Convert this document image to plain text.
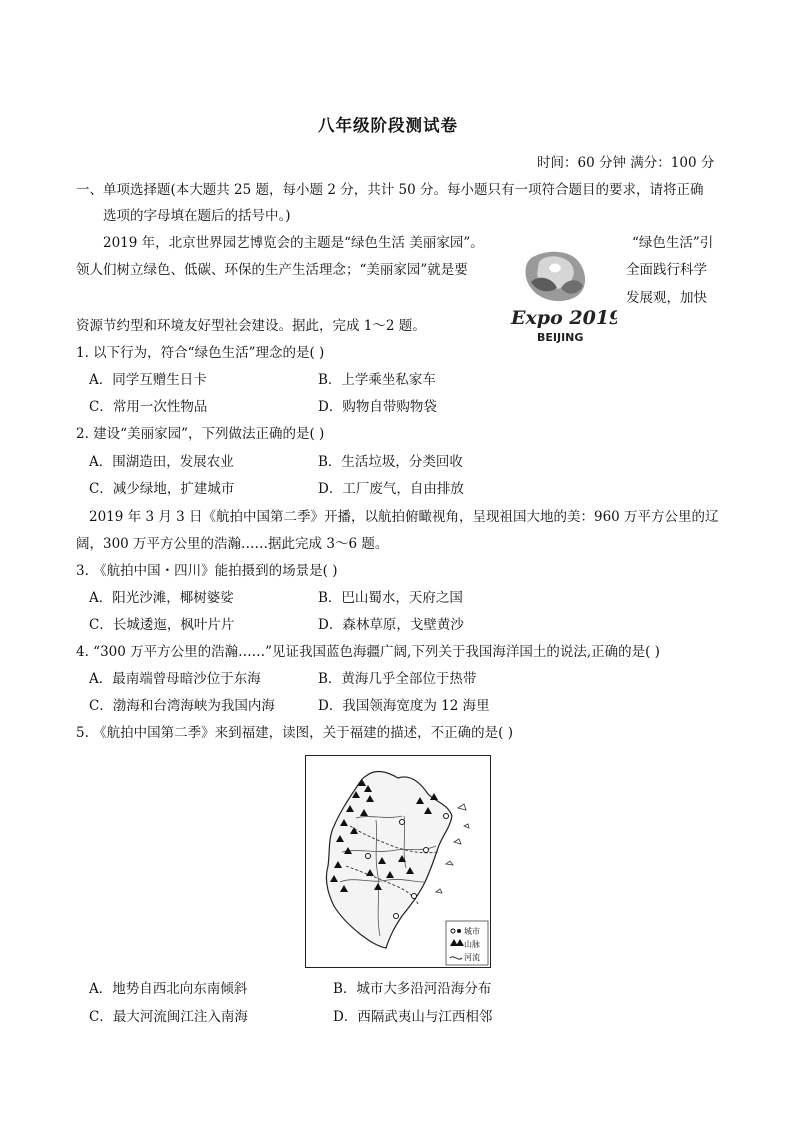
八年级阶段测试卷
时间：60 分钟 满分：100 分
一、单项选择题(本大题共 25 题，每小题 2 分，共计 50 分。每小题只有一项符合题目的要求，请将正确
选项的字母填在题后的括号中。)
2019 年，北京世界园艺博览会的主题是“绿色生活 美丽家园”。	“绿色生活”引
领人们树立绿色、低碳、环保的生产生活理念；“美丽家园”就是要	全面践行科学
发展观，加快
资源节约型和环境友好型社会建设。据此，完成 1～2 题。	Expo 2019
BEIJING
1. 以下行为，符合“绿色生活”理念的是( )
A．同学互赠生日卡	B．上学乘坐私家车
C．常用一次性物品	D．购物自带购物袋
2. 建设“美丽家园”，下列做法正确的是( )
A．围湖造田，发展农业	B．生活垃圾，分类回收
C．减少绿地，扩建城市	D．工厂废气，自由排放
2019 年 3 月 3 日《航拍中国第二季》开播，以航拍俯瞰视角，呈现祖国大地的美：960 万平方公里的辽
阔，300 万平方公里的浩瀚……据此完成 3～6 题。
3. 《航拍中国・四川》能拍摄到的场景是( )
A．阳光沙滩，椰树婆娑	B．巴山蜀水，天府之国
C．长城逶迤，枫叶片片	D．森林草原，戈壁黄沙
4. “300 万平方公里的浩瀚……”见证我国蓝色海疆广阔,下列关于我国海洋国土的说法,正确的是( )
A．最南端曾母暗沙位于东海	B．黄海几乎全部位于热带
C．渤海和台湾海峡为我国内海	D．我国领海宽度为 12 海里
5. 《航拍中国第二季》来到福建，读图，关于福建的描述，不正确的是( )
城市
山脉
河流
A．地势自西北向东南倾斜	B．城市大多沿河沿海分布
C．最大河流闽江注入南海	D．西隔武夷山与江西相邻
